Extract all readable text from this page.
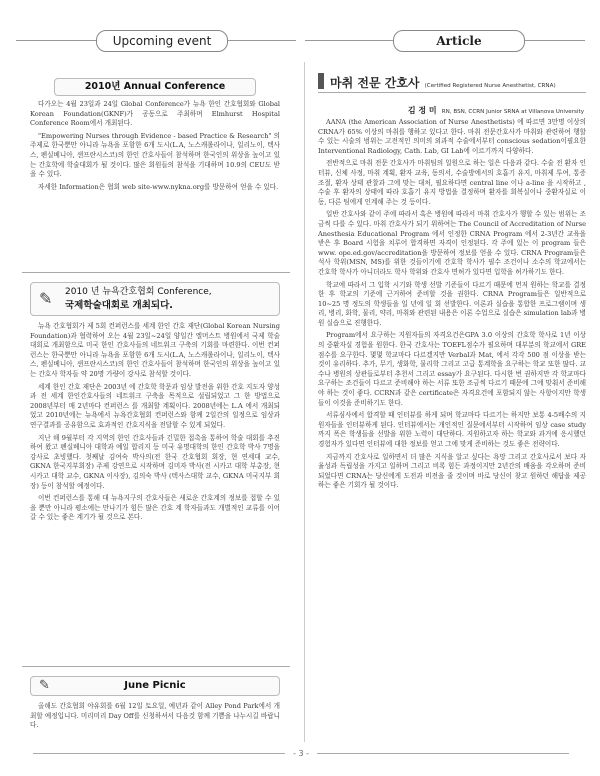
Upcoming event	Article
2010년 Annual Conference

다가오는 4월 23일과 24일 Global Conference가 뉴욕 한인 간호협회와 Global Korean Foundation(GKNF)가 공동으로 주최하며 Elmhurst Hospital Conference Room에서 개최된다.

"Empowering Nurses through Evidence - based Practice & Research" 의 주제로 한국뿐만 아니라 뉴욕을 포함한 6개 도시(L.A, 노스캐롤라이나, 일리노이, 텍사스, 펜실베니아, 샌프란시스코)의 한인 간호사들이 참석하며 한국인의 위상을 높이고 있는 간호학에 학술대회가 될 것이다. 많은 회원들의 참석을 기대하며 10.9의 CEU도 받을 수 있다.

자세한 Information은 협회 web site-www.nykna.org를 방문하여 얻을 수 있다.

✎ 2010 년 뉴욕간호협회 Conference,
국제학술대회로 개최되다.

뉴욕 간호협회가 제 5회 컨퍼런스를 세계 한인 간호 재단(Global Korean Nursing Foundation)과 협력하여 오는 4월 23일~24일 양일간 엘머스트 병원에서 국제 학술대회로 개최함으로 미국 한인 간호사들의 네트워크 구축의 기회를 마련한다. 이번 컨퍼런스는 한국뿐만 아니라 뉴욕을 포함한 6개 도시(L.A, 노스캐롤라이나, 일리노이, 텍사스, 펜실베니아, 샌프란시스코)의 한인 간호사들이 참석하며 한국인의 위상을 높이고 있는 간호사 학자들 약 20명 가량이 강사로 참석할 것이다.

세계 한인 간호 재단은 2003년 에 간호학 학문과 임상 발전을 위한 간호 지도자 양성과 전 세계 한인간호사들의 네트워크 구축을 목적으로 설립되었고 그 한 방법으로 2008년부터 매 2년마다 컨퍼런스 를 개최할 계획이다. 2008년에는 L.A 에서 개최되었고 2010년에는 뉴욕에서 뉴욕간호협회 컨퍼런스와 함께 2일간의 일정으로 임상과 연구결과를 공유함으로 효과적인 간호지식을 전달할 수 있게 되었다.

지난 해 9월부터 각 지역의 한인 간호사들과 긴밀한 접촉을 통하여 학술 대회를 추진하여 왔고 펜실베니아 대학과 예일 합리지 등 미국 유명대학의 한인 간호학 박사 7명을 강사로 초빙했다. 첫째날 김여숙 박사의(전 한국 간호협회 회장, 현 연세대 교수, GKNA 한국지부회장) 주제 강연으로 시작하며 김미자 박사(전 시카고 대학 부총장, 현 시카고 대학 교수, GKNA 이사장), 김의숙 박사 (텍사스대학 교수, GKNA 미국지부 회장) 등이 참석할 예정이다.

이번 컨퍼런스를 통해 대 뉴욕지구의 간호사들은 새로운 간호계의 정보를 접할 수 있을 뿐만 아니라 평소에는 만나기가 힘든 많은 간호 계 학자들과도 개별적인 교류를 이어 갈 수 있는 좋은 계기가 될 것으로 본다.

✎	June Picnic

올해도 간호협회 야유회를 6월 12일 토요일, 예년과 같이 Alley Pond Park에서 개최할 예정입니다. 미리미리 Day Off를 신청하셔서 다음것 함께 기쁨을 나누시길 바랍니다.

마취 전문 간호사 (Certified Registered Nurse Anesthetist, CRNA)
김 정 미 RN, BSN, CCRN Junior SRNA at Villanova University

AANA (the American Association of Nurse Anesthetists) 에 따르면 3만명 이상의 CRNA가 65% 이상의 마취를 행하고 있다고 한다. 마취 전문간호사가 마취와 관련하여 행할 수 있는 시술의 범위는 고전적인 의미의 외과적 수술에서부터 conscious sedation이필요한 Interventional Radiology, Cath. Lab, GI Lab에 이르기까지 다양하다.

전반적으로 마취 전문 간호사가 마취팀의 일원으로 하는 일은 다음과 같다. 수술 전 환자 인터뷰, 신체 사정, 마취 계획, 환자 교육, 동의서, 수술방에서의 호흡기 유지, 마취제 투여, 통증 조절, 환자 상태 관찰과 그에 맞는 대처, 필요하다면 central line 이나 a-line 을 시작하고 , 수술 후 환자의 상태에 따라 호흡기 유지 방법을 결정하며 환자를 회복실이나 중환자실로 이동, 다른 팀에게 인계해 주는 것 등이다.

일반 간호사와 같이 주에 따라서 혹은 병원에 따라서 마취 간호사가 행할 수 있는 범위는 조금씩 다를 수 있다. 마취 간호사가 되기 위하여는 The Council of Accreditation of Nurse Anesthesia Educational Program 에서 인정한 CRNA Program 에서 2-3년간 교육을 받은 후 Board 시험을 치루어 합격하면 자격이 인정된다. 각 주에 있는 이 program 들은 www. ope.ed.gov/accreditation을 방문하여 정보를 얻을 수 있다. CRNA Program들은 석사 학위(MSN, MS)를 위한 것들이기에 간호학 학사가 필수 조건이나 소수의 학교에서는 간호학 학사가 아니더라도 학사 학위와 간호사 면허가 있다면 입학을 허가하기도 한다.

학교에 따라서 그 입학 시기와 학생 선발 기준들이 다르기 때문에 먼저 원하는 학교를 결정한 후 학교의 기준에 근거하여 준비할 것을 권한다. CRNA Program들은 일반적으로 10~25 명 정도의 학생들을 일 년에 일 회 선발한다. 이론과 실습을 통합한 프로그램이며 생리, 병리, 화학, 물리, 약리, 마취와 관련된 내용은 이론 수업으로 실습은 simulation lab과 병원 실습으로 진행한다.

Program에서 요구하는 지원자들의 자격요건은GPA 3.0 이상의 간호학 학사로 1년 이상의 중환자실 경험을 원한다. 한국 간호사는 TOEFL점수가 필요하며 대부분의 학교에서 GRE점수를 요구한다. 몇몇 학교마다 다르겠지만 Verbal과 Mat, 에서 각각 500 점 이상을 받는 것이 유리하다. 추가, 무기, 생화학, 물리학 그리고 고급 통계학을 요구하는 학교 또한 많다. 교수나 병원의 상관들로부터 추천서 그리고 essay가 요구된다. 다시한 번 권하지만 각 학교마다 요구하는 조건들이 다르고 준비해야 하는 서류 또한 조금씩 다르기 때문에 그에 맞춰서 준비해야 하는 것이 좋다. CCRN과 같은 certificate은 자격요건에 포함되지 않는 사항이지만 학생들이 이것을 준비하기도 한다.

서류심사에서 합격할 때 인터뷰를 하게 되며 학교마다 다르기는 하지만 보통 4-5배수의 지원자들을 인터뷰하게 된다. 인터뷰에서는 개인적인 질문에서부터 시작하여 임상 case study까지 폭은 학생들을 선발을 위한 노력이 대단하다. 지원하고자 하는 학교와 과거에 응시했던 경험자가 있다면 인터뷰에 대한 정보를 얻고 그에 맞게 준비하는 것도 좋은 전략이다.

지금까지 간호사로 일하면서 더 많은 지식을 알고 싶다는 욕망 그리고 간호사로서 보다 자율성과 독립성을 가지고 일하며 그리고 비록 힘든 과정이지만 2년간의 배움을 각오하며 준비되었다면 CRNA는 당신에게 도전과 비전을 줄 것이며 바로 당신이 찾고 원하던 해답을 제공하는 좋은 기회가 될 것이다.

- 3 -
